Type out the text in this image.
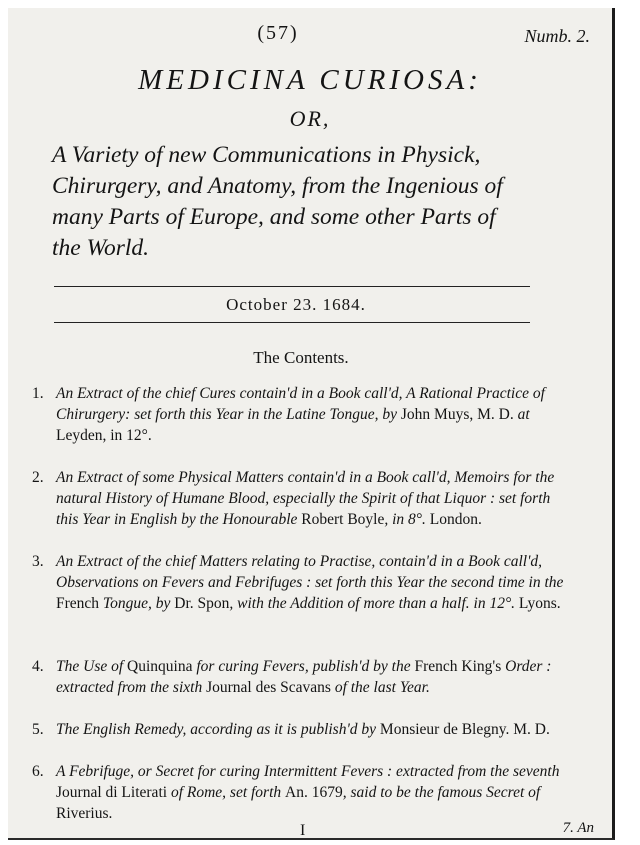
(57)	Numb. 2.
MEDICINA CURIOSA:
OR,
A Variety of new Communications in Physick, Chirurgery, and Anatomy, from the Ingenious of many Parts of Europe, and some other Parts of the World.
October 23. 1684.
The Contents.
1. An Extract of the chief Cures contain'd in a Book call'd, A Rational Practice of Chirurgery: set forth this Year in the Latine Tongue, by John Muys, M. D. at Leyden, in 12°.
2. An Extract of some Physical Matters contain'd in a Book call'd, Memoirs for the natural History of Humane Blood, especially the Spirit of that Liquor : set forth this Year in English by the Honourable Robert Boyle, in 8°. London.
3. An Extract of the chief Matters relating to Practise, contain'd in a Book call'd, Observations on Fevers and Febrifuges : set forth this Year the second time in the French Tongue, by Dr. Spon, with the Addition of more than a half. in 12°. Lyons.
4. The Use of Quinquina for curing Fevers, publish'd by the French King's Order : extracted from the sixth Journal des Scavans of the last Year.
5. The English Remedy, according as it is publish'd by Monsieur de Blegny. M. D.
6. A Febrifuge, or Secret for curing Intermittent Fevers : extracted from the seventh Journal di Literati of Rome, set forth An. 1679, said to be the famous Secret of Riverius.
I	7. An
